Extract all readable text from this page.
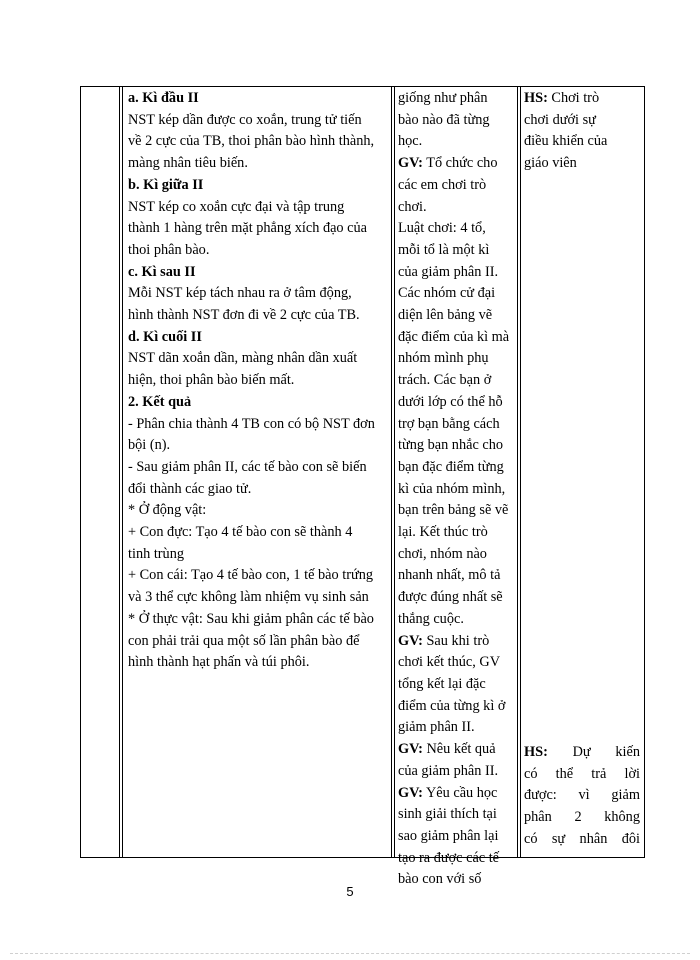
a. Kì đầu II
NST kép dần được co xoắn, trung tử tiến
về 2 cực của TB, thoi phân bào hình thành,
màng nhân tiêu biến.
b. Kì giữa II
NST kép co xoắn cực đại và tập trung
thành 1 hàng trên mặt phẳng xích đạo của
thoi phân bào.
c. Kì sau II
Mỗi NST kép tách nhau ra ở tâm động,
hình thành NST đơn đi về 2 cực của TB.
d. Kì cuối II
NST dãn xoắn dần, màng nhân dần xuất
hiện, thoi phân bào biến mất.
2. Kết quả
- Phân chia thành 4 TB con có bộ NST đơn
bội (n).
- Sau giảm phân II, các tế bào con sẽ biến
đổi thành các giao tử.
* Ở động vật:
+ Con đực: Tạo 4 tế bào con sẽ thành 4
tinh trùng
+ Con cái: Tạo 4 tế bào con, 1 tế bào trứng
và 3 thể cực không làm nhiệm vụ sinh sản
* Ở thực vật: Sau khi giảm phân các tế bào
con phải trải qua một số lần phân bào để
hình thành hạt phấn và túi phôi.
giống như phân
bào nào đã từng
học.
GV: Tổ chức cho
các em chơi trò
chơi.
Luật chơi: 4 tổ,
mỗi tổ là một kì
của giảm phân II.
Các nhóm cử đại
diện lên bảng vẽ
đặc điểm của kì mà
nhóm mình phụ
trách. Các bạn ở
dưới lớp có thể hỗ
trợ bạn bằng cách
từng bạn nhắc cho
bạn đặc điểm từng
kì của nhóm mình,
bạn trên bảng sẽ vẽ
lại. Kết thúc trò
chơi, nhóm nào
nhanh nhất, mô tả
được đúng nhất sẽ
thắng cuộc.
GV: Sau khi trò
chơi kết thúc, GV
tổng kết lại đặc
điểm của từng kì ở
giảm phân II.
GV: Nêu kết quả
của giảm phân II.
GV: Yêu cầu học
sinh giải thích tại
sao giảm phân lại
tạo ra được các tế
bào con với số
HS: Chơi trò
chơi dưới sự
điều khiển của
giáo viên
HS: Dự kiến
có thể trả lời
được: vì giảm
phân 2 không
có sự nhân đôi
5
